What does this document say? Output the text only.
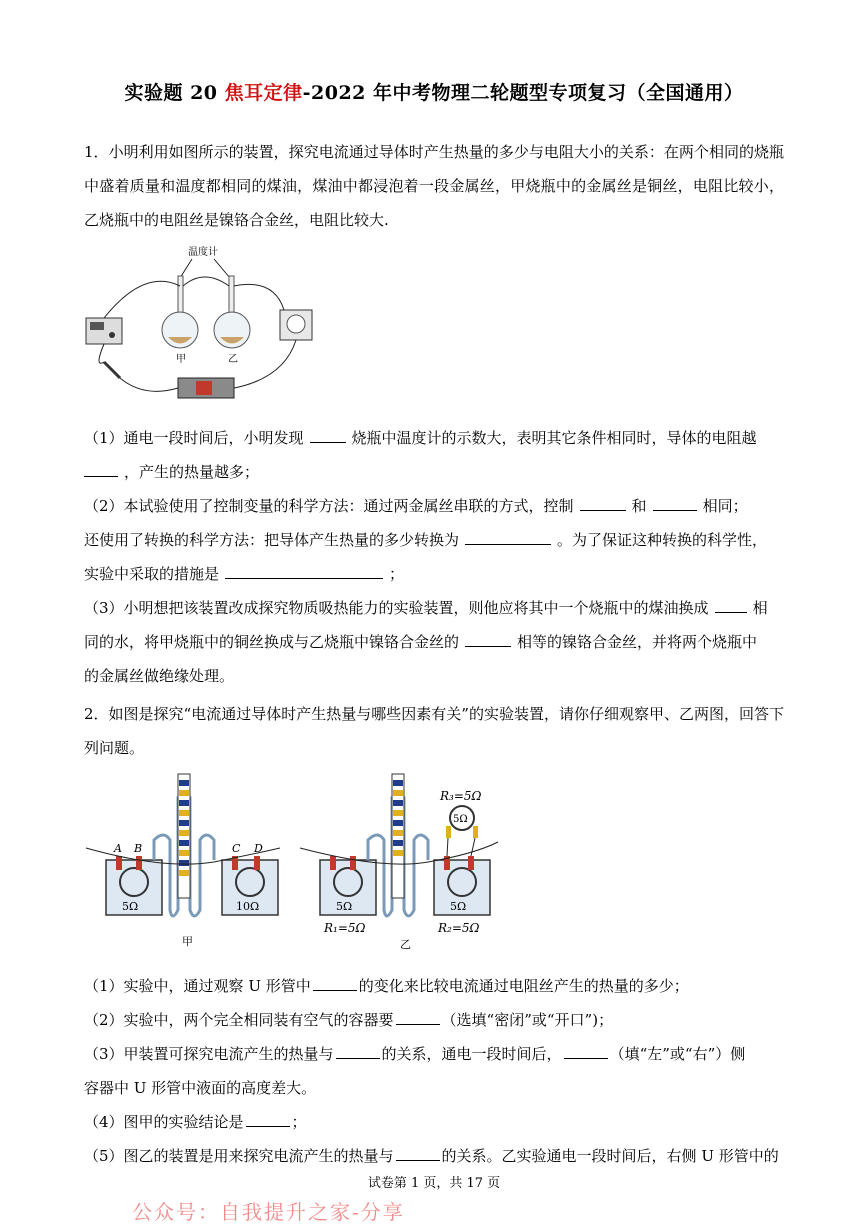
实验题 20 焦耳定律-2022 年中考物理二轮题型专项复习（全国通用）
1．小明利用如图所示的装置，探究电流通过导体时产生热量的多少与电阻大小的关系：在两个相同的烧瓶中盛着质量和温度都相同的煤油，煤油中都浸泡着一段金属丝，甲烧瓶中的金属丝是铜丝，电阻比较小，乙烧瓶中的电阻丝是镍铬合金丝，电阻比较大.
温度计
甲	乙
（1）通电一段时间后，小明发现	烧瓶中温度计的示数大，表明其它条件相同时，导体的电阻越
，产生的热量越多；
（2）本试验使用了控制变量的科学方法：通过两金属丝串联的方式，控制	和	相同；
还使用了转换的科学方法：把导体产生热量的多少转换为	。为了保证这种转换的科学性，
实验中采取的措施是	；
（3）小明想把该装置改成探究物质吸热能力的实验装置，则他应将其中一个烧瓶中的煤油换成	相
同的水，将甲烧瓶中的铜丝换成与乙烧瓶中镍铬合金丝的	相等的镍铬合金丝，并将两个烧瓶中
的金属丝做绝缘处理。
2．如图是探究“电流通过导体时产生热量与哪些因素有关”的实验装置，请你仔细观察甲、乙两图，回答下列问题。
A B
5Ω
C D
10Ω
甲
R₃=5Ω
5Ω
5Ω
R₁=5Ω
5Ω
R₂=5Ω
乙
（1）实验中，通过观察 U 形管中	的变化来比较电流通过电阻丝产生的热量的多少；
（2）实验中，两个完全相同装有空气的容器要	（选填“密闭”或“开口”)；
（3）甲装置可探究电流产生的热量与	的关系，通电一段时间后，	（填“左”或“右”）侧
容器中 U 形管中液面的高度差大。
（4）图甲的实验结论是	；
（5）图乙的装置是用来探究电流产生的热量与	的关系。乙实验通电一段时间后，右侧 U 形管中的
试卷第 1 页，共 17 页
公众号：自我提升之家-分享
